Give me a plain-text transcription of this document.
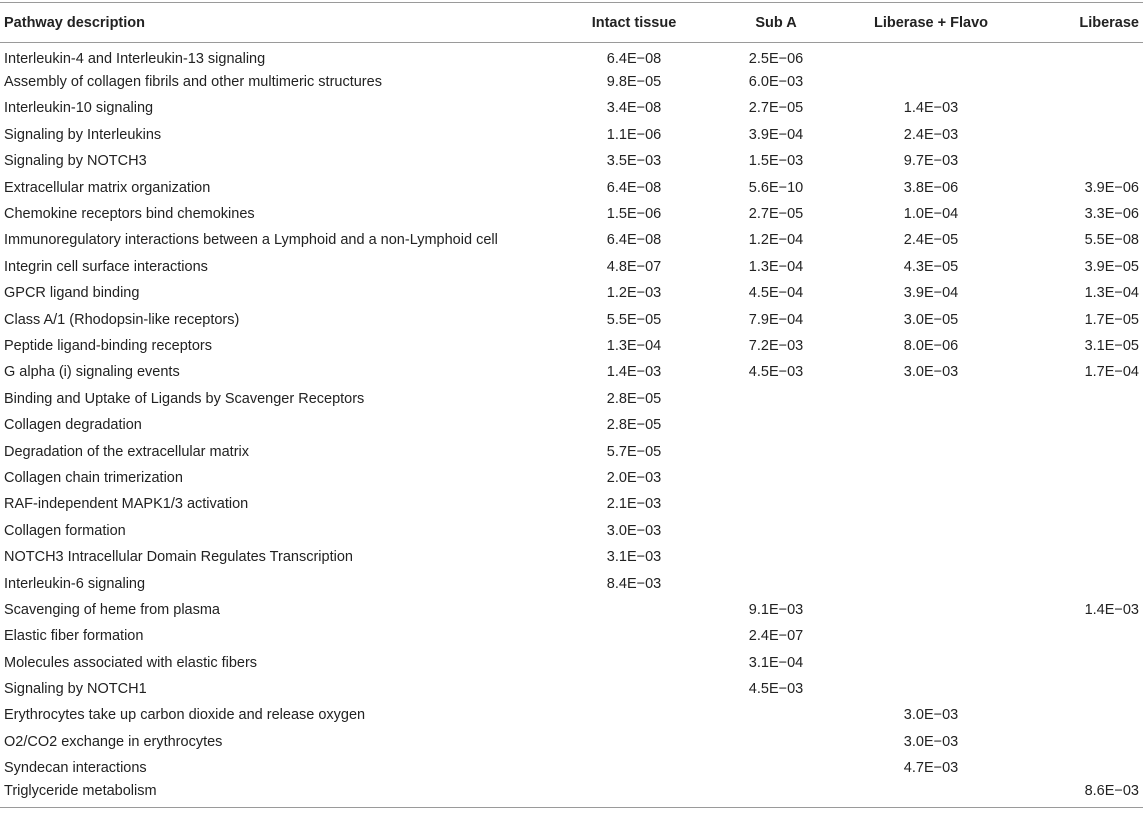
Pathway description	Intact tissue	Sub A	Liberase + Flavo	Liberase
Interleukin-4 and Interleukin-13 signaling	6.4E−08	2.5E−06		
Assembly of collagen fibrils and other multimeric structures	9.8E−05	6.0E−03		
Interleukin-10 signaling	3.4E−08	2.7E−05	1.4E−03	
Signaling by Interleukins	1.1E−06	3.9E−04	2.4E−03	
Signaling by NOTCH3	3.5E−03	1.5E−03	9.7E−03	
Extracellular matrix organization	6.4E−08	5.6E−10	3.8E−06	3.9E−06
Chemokine receptors bind chemokines	1.5E−06	2.7E−05	1.0E−04	3.3E−06
Immunoregulatory interactions between a Lymphoid and a non-Lymphoid cell	6.4E−08	1.2E−04	2.4E−05	5.5E−08
Integrin cell surface interactions	4.8E−07	1.3E−04	4.3E−05	3.9E−05
GPCR ligand binding	1.2E−03	4.5E−04	3.9E−04	1.3E−04
Class A/1 (Rhodopsin-like receptors)	5.5E−05	7.9E−04	3.0E−05	1.7E−05
Peptide ligand-binding receptors	1.3E−04	7.2E−03	8.0E−06	3.1E−05
G alpha (i) signaling events	1.4E−03	4.5E−03	3.0E−03	1.7E−04
Binding and Uptake of Ligands by Scavenger Receptors	2.8E−05			
Collagen degradation	2.8E−05			
Degradation of the extracellular matrix	5.7E−05			
Collagen chain trimerization	2.0E−03			
RAF-independent MAPK1/3 activation	2.1E−03			
Collagen formation	3.0E−03			
NOTCH3 Intracellular Domain Regulates Transcription	3.1E−03			
Interleukin-6 signaling	8.4E−03			
Scavenging of heme from plasma		9.1E−03		1.4E−03
Elastic fiber formation		2.4E−07		
Molecules associated with elastic fibers		3.1E−04		
Signaling by NOTCH1		4.5E−03		
Erythrocytes take up carbon dioxide and release oxygen			3.0E−03	
O2/CO2 exchange in erythrocytes			3.0E−03	
Syndecan interactions			4.7E−03	
Triglyceride metabolism				8.6E−03
